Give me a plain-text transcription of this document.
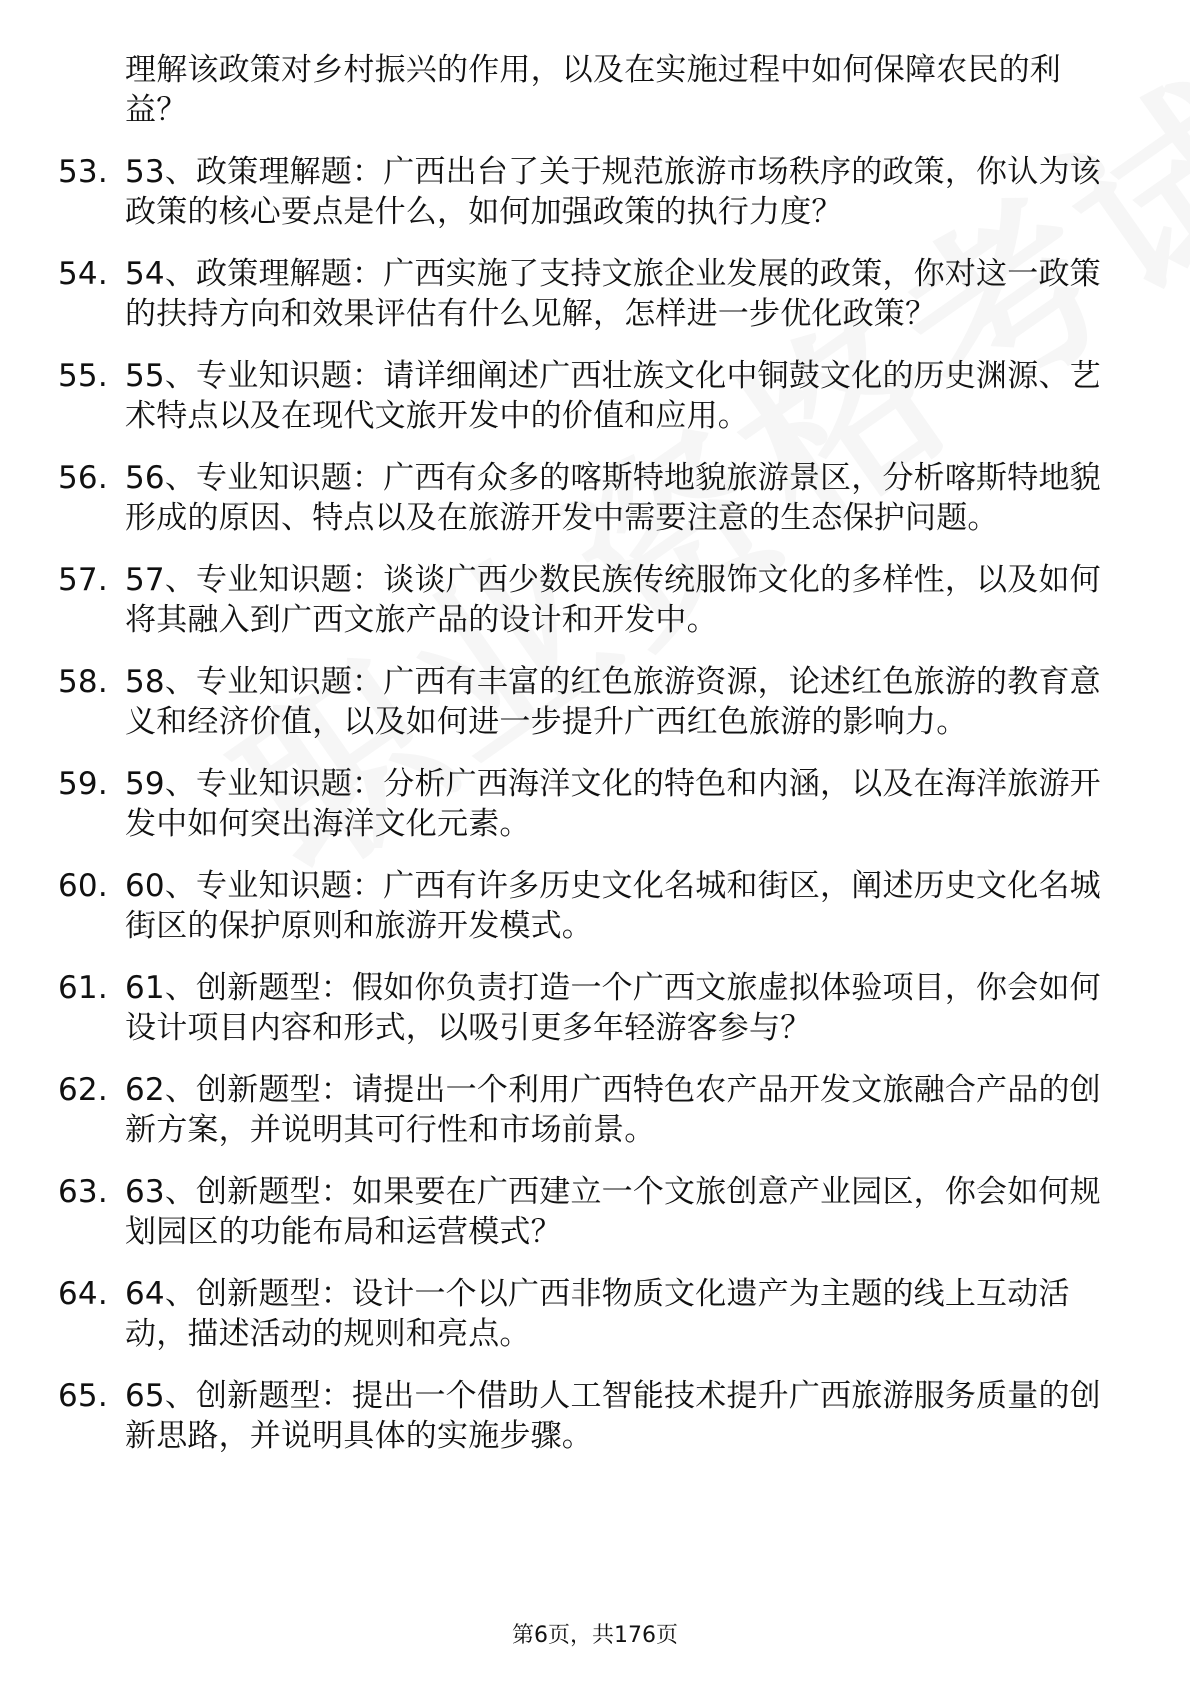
理解该政策对乡村振兴的作用，以及在实施过程中如何保障农民的利益？
53. 53、政策理解题：广西出台了关于规范旅游市场秩序的政策，你认为该政策的核心要点是什么，如何加强政策的执行力度？
54. 54、政策理解题：广西实施了支持文旅企业发展的政策，你对这一政策的扶持方向和效果评估有什么见解，怎样进一步优化政策？
55. 55、专业知识题：请详细阐述广西壮族文化中铜鼓文化的历史渊源、艺术特点以及在现代文旅开发中的价值和应用。
56. 56、专业知识题：广西有众多的喀斯特地貌旅游景区，分析喀斯特地貌形成的原因、特点以及在旅游开发中需要注意的生态保护问题。
57. 57、专业知识题：谈谈广西少数民族传统服饰文化的多样性，以及如何将其融入到广西文旅产品的设计和开发中。
58. 58、专业知识题：广西有丰富的红色旅游资源，论述红色旅游的教育意义和经济价值，以及如何进一步提升广西红色旅游的影响力。
59. 59、专业知识题：分析广西海洋文化的特色和内涵，以及在海洋旅游开发中如何突出海洋文化元素。
60. 60、专业知识题：广西有许多历史文化名城和街区，阐述历史文化名城街区的保护原则和旅游开发模式。
61. 61、创新题型：假如你负责打造一个广西文旅虚拟体验项目，你会如何设计项目内容和形式，以吸引更多年轻游客参与？
62. 62、创新题型：请提出一个利用广西特色农产品开发文旅融合产品的创新方案，并说明其可行性和市场前景。
63. 63、创新题型：如果要在广西建立一个文旅创意产业园区，你会如何规划园区的功能布局和运营模式？
64. 64、创新题型：设计一个以广西非物质文化遗产为主题的线上互动活动，描述活动的规则和亮点。
65. 65、创新题型：提出一个借助人工智能技术提升广西旅游服务质量的创新思路，并说明具体的实施步骤。
第6页，共176页
